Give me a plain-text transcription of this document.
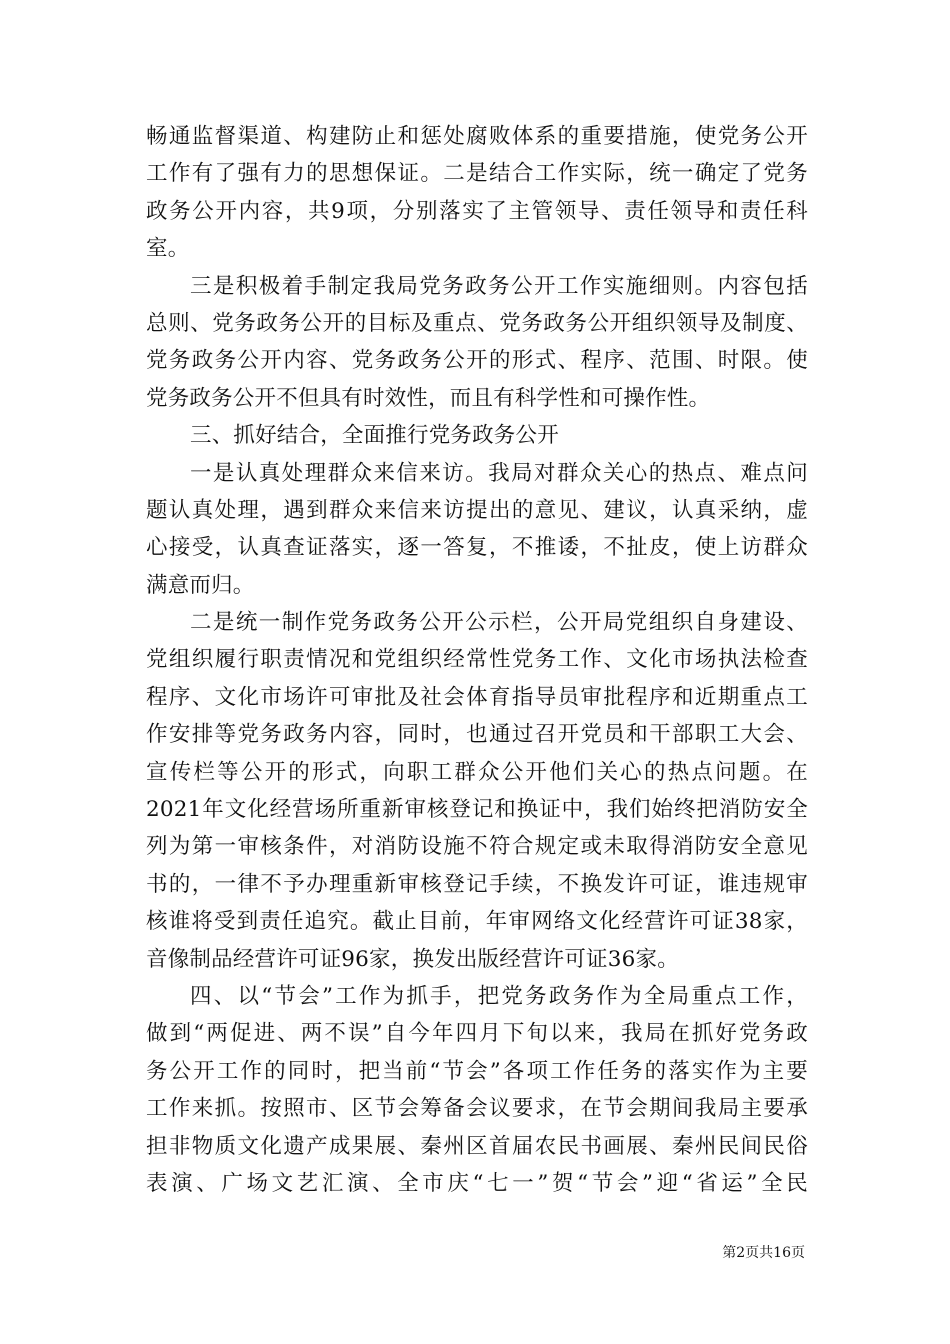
畅通监督渠道、构建防止和惩处腐败体系的重要措施，使党务公开
工作有了强有力的思想保证。二是结合工作实际，统一确定了党务
政务公开内容，共9项，分别落实了主管领导、责任领导和责任科
室。
三是积极着手制定我局党务政务公开工作实施细则。内容包括
总则、党务政务公开的目标及重点、党务政务公开组织领导及制度、
党务政务公开内容、党务政务公开的形式、程序、范围、时限。使
党务政务公开不但具有时效性，而且有科学性和可操作性。
三、抓好结合，全面推行党务政务公开
一是认真处理群众来信来访。我局对群众关心的热点、难点问
题认真处理，遇到群众来信来访提出的意见、建议，认真采纳，虚
心接受，认真查证落实，逐一答复，不推诿，不扯皮，使上访群众
满意而归。
二是统一制作党务政务公开公示栏，公开局党组织自身建设、
党组织履行职责情况和党组织经常性党务工作、文化市场执法检查
程序、文化市场许可审批及社会体育指导员审批程序和近期重点工
作安排等党务政务内容，同时，也通过召开党员和干部职工大会、
宣传栏等公开的形式，向职工群众公开他们关心的热点问题。在
2021年文化经营场所重新审核登记和换证中，我们始终把消防安全
列为第一审核条件，对消防设施不符合规定或未取得消防安全意见
书的，一律不予办理重新审核登记手续，不换发许可证，谁违规审
核谁将受到责任追究。截止目前，年审网络文化经营许可证38家，
音像制品经营许可证96家，换发出版经营许可证36家。
四、以“节会”工作为抓手，把党务政务作为全局重点工作，
做到“两促进、两不误”自今年四月下旬以来，我局在抓好党务政
务公开工作的同时，把当前“节会”各项工作任务的落实作为主要
工作来抓。按照市、区节会筹备会议要求，在节会期间我局主要承
担非物质文化遗产成果展、秦州区首届农民书画展、秦州民间民俗
表演、广场文艺汇演、全市庆“七一”贺“节会”迎“省运”全民
第2页共16页
